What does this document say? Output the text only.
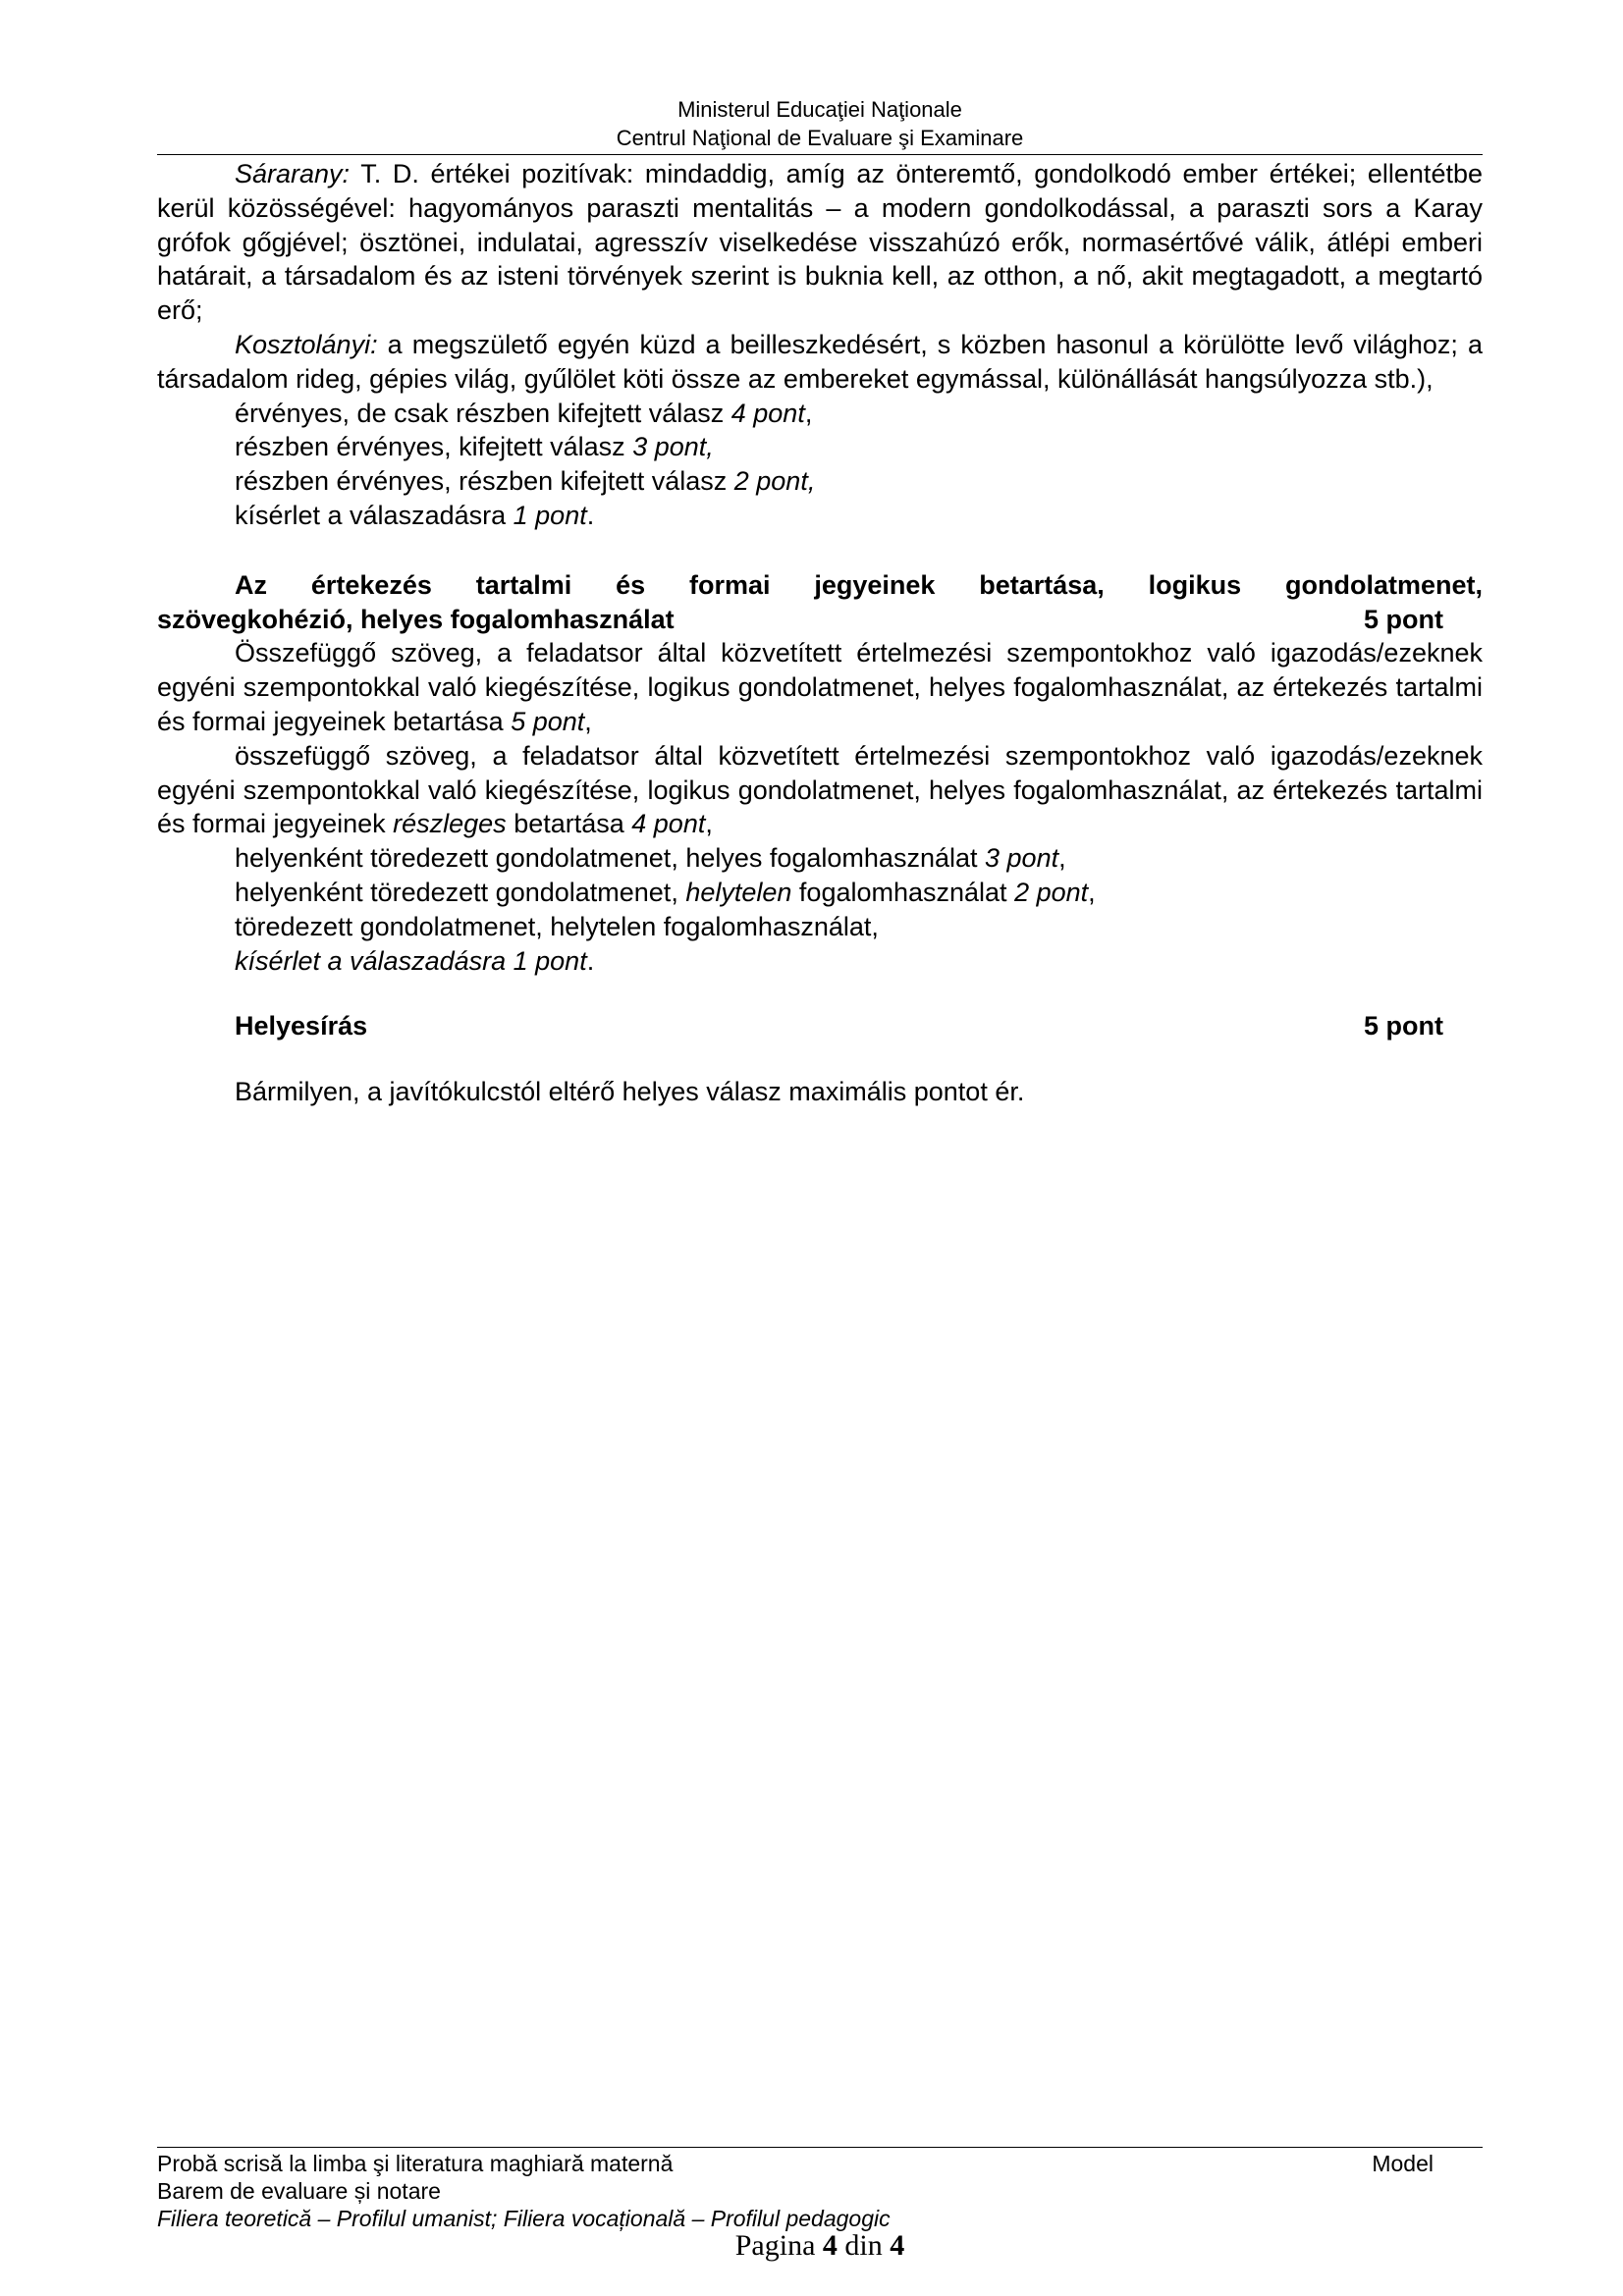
Ministerul Educaţiei Naţionale
Centrul Naţional de Evaluare şi Examinare

Sárarany: T. D. értékei pozitívak: mindaddig, amíg az önteremtő, gondolkodó ember értékei; ellentétbe kerül közösségével: hagyományos paraszti mentalitás – a modern gondolkodással, a paraszti sors a Karay grófok gőgjével; ösztönei, indulatai, agresszív viselkedése visszahúzó erők, normasértővé válik, átlépi emberi határait, a társadalom és az isteni törvények szerint is buknia kell, az otthon, a nő, akit megtagadott, a megtartó erő;

Kosztolányi: a megszülető egyén küzd a beilleszkedésért, s közben hasonul a körülötte levő világhoz; a társadalom rideg, gépies világ, gyűlölet köti össze az embereket egymással, különállását hangsúlyozza stb.),

érvényes, de csak részben kifejtett válasz 4 pont,

részben érvényes, kifejtett válasz 3 pont,

részben érvényes, részben kifejtett válasz 2 pont,

kísérlet a válaszadásra 1 pont.

Az értekezés tartalmi és formai jegyeinek betartása, logikus gondolatmenet,

szövegkohézió, helyes fogalomhasználat	5 pont

Összefüggő szöveg, a feladatsor által közvetített értelmezési szempontokhoz való igazodás/ezeknek egyéni szempontokkal való kiegészítése, logikus gondolatmenet, helyes fogalomhasználat, az értekezés tartalmi és formai jegyeinek betartása 5 pont,

összefüggő szöveg, a feladatsor által közvetített értelmezési szempontokhoz való igazodás/ezeknek egyéni szempontokkal való kiegészítése, logikus gondolatmenet, helyes fogalomhasználat, az értekezés tartalmi és formai jegyeinek részleges betartása 4 pont,

helyenként töredezett gondolatmenet, helyes fogalomhasználat 3 pont,

helyenként töredezett gondolatmenet, helytelen fogalomhasználat 2 pont,

töredezett gondolatmenet, helytelen fogalomhasználat,

kísérlet a válaszadásra 1 pont.

Helyesírás	5 pont

Bármilyen, a javítókulcstól eltérő helyes válasz maximális pontot ér.

Probă scrisă la limba şi literatura maghiară maternă	Model
Barem de evaluare și notare
Filiera teoretică – Profilul umanist; Filiera vocațională – Profilul pedagogic
Pagina 4 din 4
